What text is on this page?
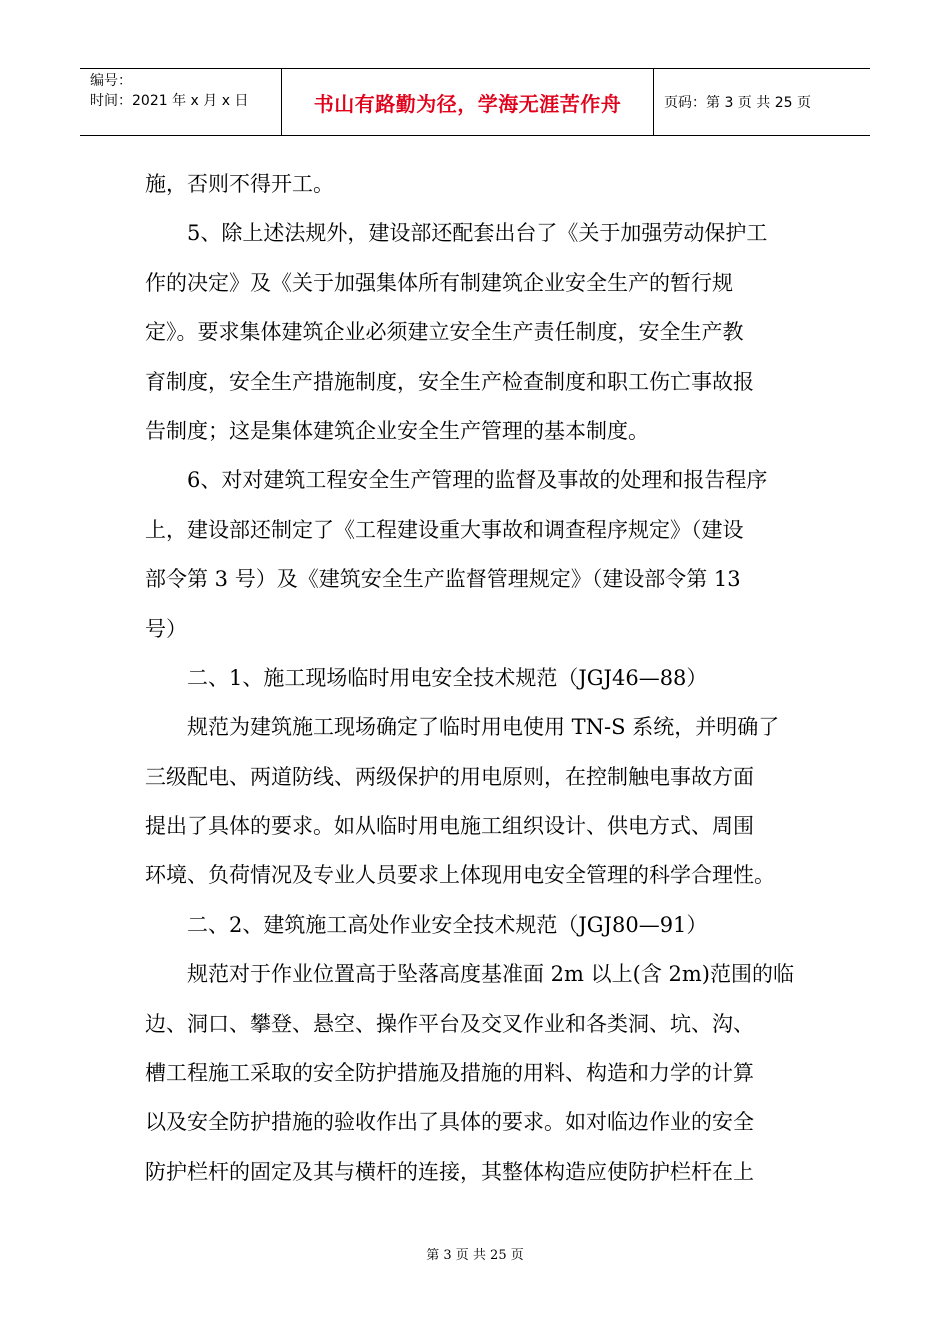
编号：
时间：2021 年 x 月 x 日	书山有路勤为径，学海无涯苦作舟	页码：第 3 页 共 25 页
施，否则不得开工。
　　5、除上述法规外，建设部还配套出台了《关于加强劳动保护工
作的决定》及《关于加强集体所有制建筑企业安全生产的暂行规
定》。要求集体建筑企业必须建立安全生产责任制度，安全生产教
育制度，安全生产措施制度，安全生产检查制度和职工伤亡事故报
告制度；这是集体建筑企业安全生产管理的基本制度。
　　6、对对建筑工程安全生产管理的监督及事故的处理和报告程序
上，建设部还制定了《工程建设重大事故和调查程序规定》（建设
部令第 3 号）及《建筑安全生产监督管理规定》（建设部令第 13
号）
　　二、1、施工现场临时用电安全技术规范（JGJ46—88）
　　规范为建筑施工现场确定了临时用电使用 TN-S 系统，并明确了
三级配电、两道防线、两级保护的用电原则，在控制触电事故方面
提出了具体的要求。如从临时用电施工组织设计、供电方式、周围
环境、负荷情况及专业人员要求上体现用电安全管理的科学合理性。
　　二、2、建筑施工高处作业安全技术规范（JGJ80—91）
　　规范对于作业位置高于坠落高度基准面 2m 以上(含 2m)范围的临
边、洞口、攀登、悬空、操作平台及交叉作业和各类洞、坑、沟、
槽工程施工采取的安全防护措施及措施的用料、构造和力学的计算
以及安全防护措施的验收作出了具体的要求。如对临边作业的安全
防护栏杆的固定及其与横杆的连接，其整体构造应使防护栏杆在上
第 3 页 共 25 页
